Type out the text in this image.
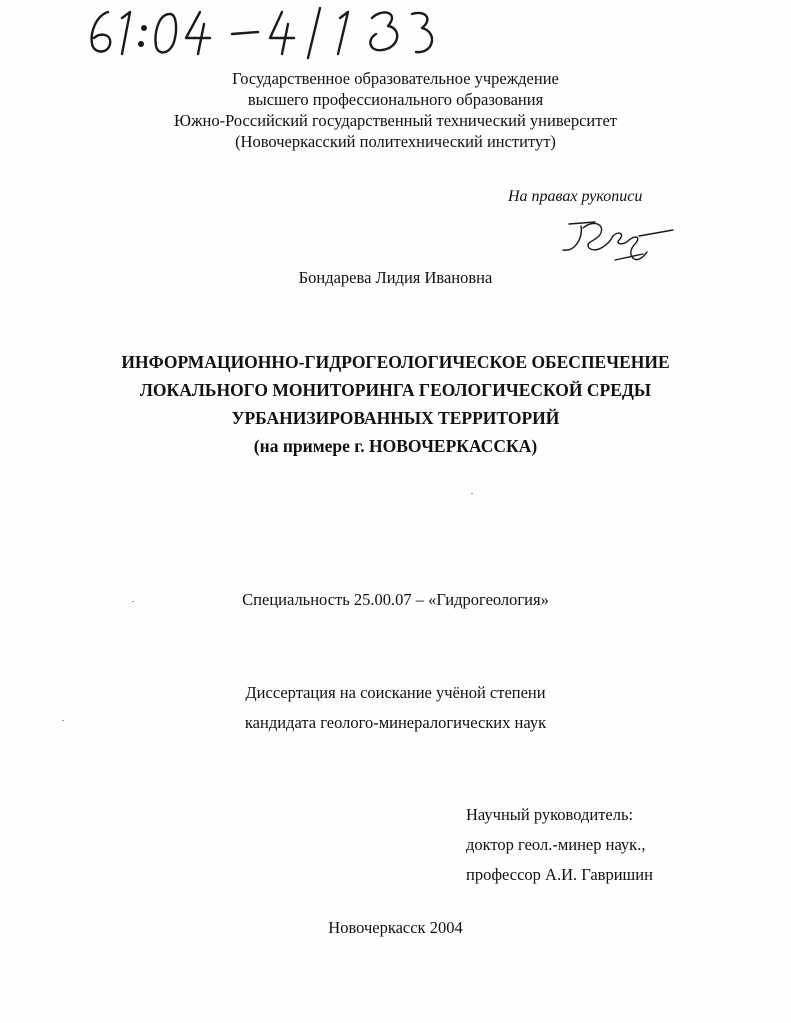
Государственное образовательное учреждение
высшего профессионального образования
Южно-Российский государственный технический университет
(Новочеркасский политехнический институт)
На правах рукописи
Бондарева Лидия Ивановна
ИНФОРМАЦИОННО-ГИДРОГЕОЛОГИЧЕСКОЕ ОБЕСПЕЧЕНИЕ
ЛОКАЛЬНОГО МОНИТОРИНГА ГЕОЛОГИЧЕСКОЙ СРЕДЫ
УРБАНИЗИРОВАННЫХ ТЕРРИТОРИЙ
(на примере г. НОВОЧЕРКАССКА)
Специальность 25.00.07 – «Гидрогеология»
Диссертация на соискание учёной степени
кандидата геолого-минералогических наук
Научный руководитель:
доктор геол.-минер наук.,
профессор А.И. Гавришин
Новочеркасск 2004
